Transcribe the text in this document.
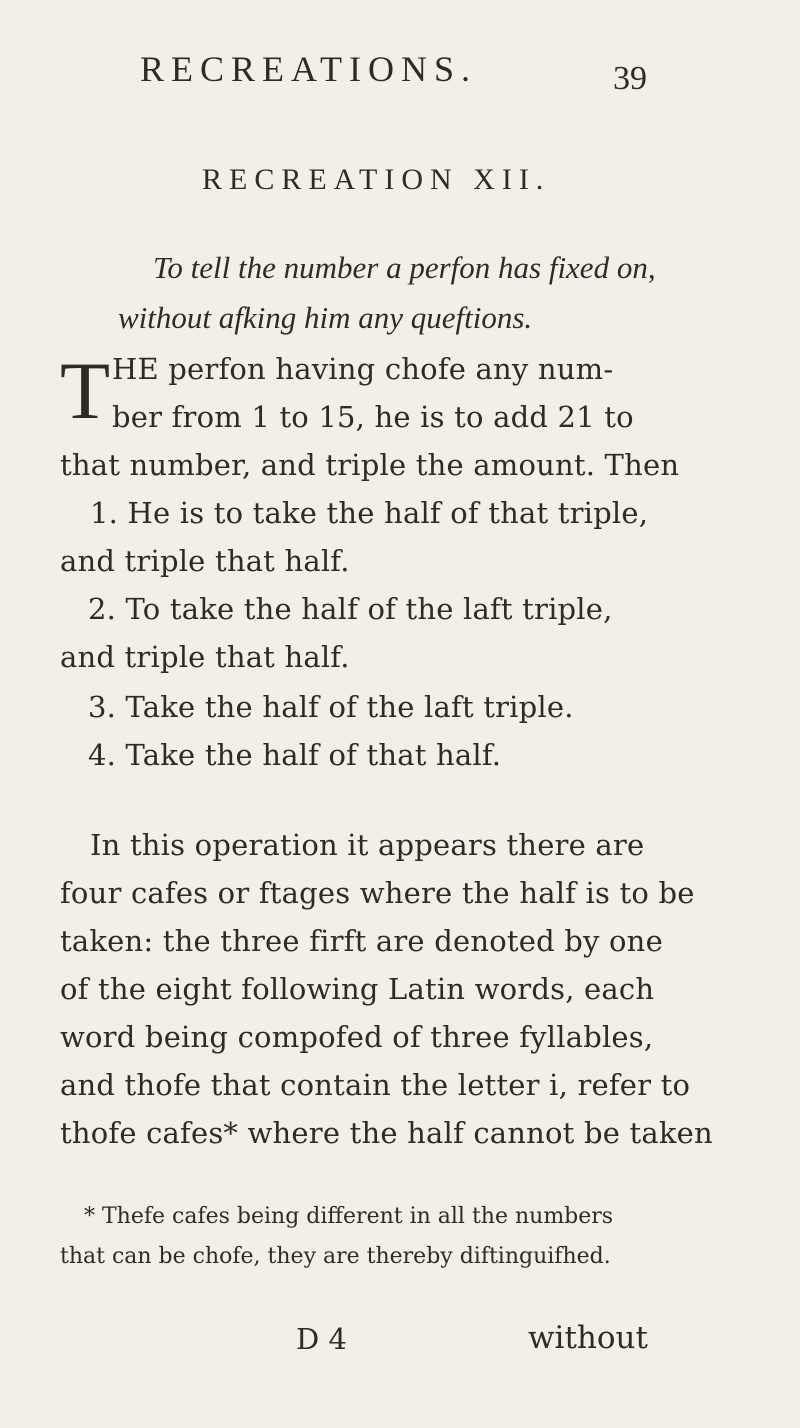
RECREATIONS.	39
RECREATION XII.
To tell the number a perfon has fixed on,
without afking him any queftions.
T HE perfon having chofe any num-
ber from 1 to 15, he is to add 21 to
that number, and triple the amount. Then
1. He is to take the half of that triple,
and triple that half.
2. To take the half of the laft triple,
and triple that half.
3. Take the half of the laft triple.
4. Take the half of that half.
In this operation it appears there are
four cafes or ftages where the half is to be
taken: the three firft are denoted by one
of the eight following Latin words, each
word being compofed of three fyllables,
and thofe that contain the letter i, refer to
thofe cafes* where the half cannot be taken
* Thefe cafes being different in all the numbers
that can be chofe, they are thereby diftinguifhed.
D 4	without
